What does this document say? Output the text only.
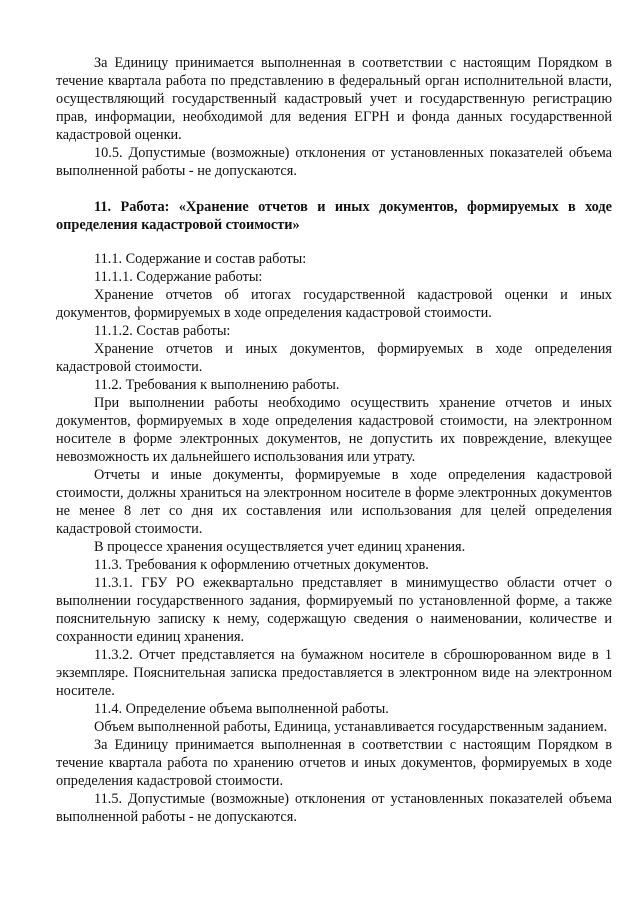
За Единицу принимается выполненная в соответствии с настоящим Порядком в течение квартала работа по представлению в федеральный орган исполнительной власти, осуществляющий государственный кадастровый учет и государственную регистрацию прав, информации, необходимой для ведения ЕГРН и фонда данных государственной кадастровой оценки.

10.5. Допустимые (возможные) отклонения от установленных показателей объема выполненной работы - не допускаются.

11. Работа: «Хранение отчетов и иных документов, формируемых в ходе определения кадастровой стоимости»

11.1. Содержание и состав работы:

11.1.1. Содержание работы:

Хранение отчетов об итогах государственной кадастровой оценки и иных документов, формируемых в ходе определения кадастровой стоимости.

11.1.2. Состав работы:

Хранение отчетов и иных документов, формируемых в ходе определения кадастровой стоимости.

11.2. Требования к выполнению работы.

При выполнении работы необходимо осуществить хранение отчетов и иных документов, формируемых в ходе определения кадастровой стоимости, на электронном носителе в форме электронных документов, не допустить их повреждение, влекущее невозможность их дальнейшего использования или утрату.

Отчеты и иные документы, формируемые в ходе определения кадастровой стоимости, должны храниться на электронном носителе в форме электронных документов не менее 8 лет со дня их составления или использования для целей определения кадастровой стоимости.

В процессе хранения осуществляется учет единиц хранения.

11.3. Требования к оформлению отчетных документов.

11.3.1. ГБУ РО ежеквартально представляет в минимущество области отчет о выполнении государственного задания, формируемый по установленной форме, а также пояснительную записку к нему, содержащую сведения о наименовании, количестве и сохранности единиц хранения.

11.3.2. Отчет представляется на бумажном носителе в сброшюрованном виде в 1 экземпляре. Пояснительная записка предоставляется в электронном виде на электронном носителе.

11.4. Определение объема выполненной работы.

Объем выполненной работы, Единица, устанавливается государственным заданием.

За Единицу принимается выполненная в соответствии с настоящим Порядком в течение квартала работа по хранению отчетов и иных документов, формируемых в ходе определения кадастровой стоимости.

11.5. Допустимые (возможные) отклонения от установленных показателей объема выполненной работы - не допускаются.
